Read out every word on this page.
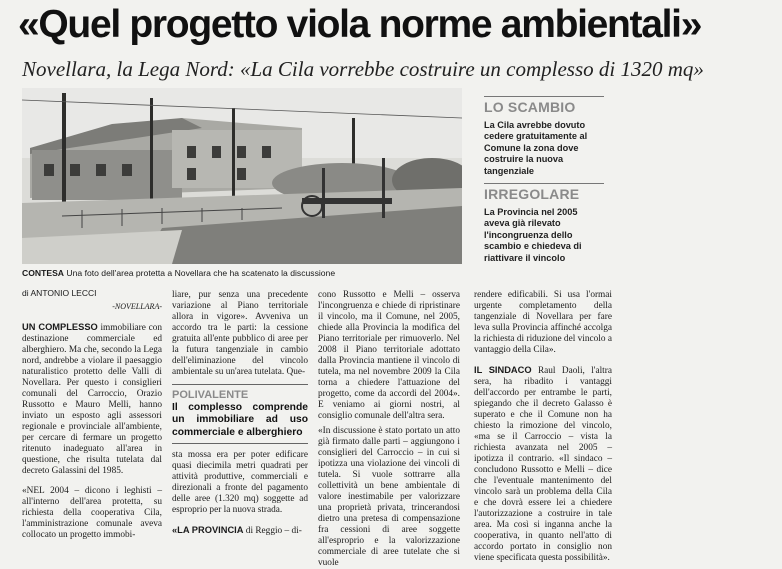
«Quel progetto viola norme ambientali»
Novellara, la Lega Nord: «La Cila vorrebbe costruire un complesso di 1320 mq»
CONTESA Una foto dell'area protetta a Novellara che ha scatenato la discussione
LO SCAMBIO
La Cila avrebbe dovuto cedere gratuitamente al Comune la zona dove costruire la nuova tangenziale
IRREGOLARE
La Provincia nel 2005 aveva già rilevato l'incongruenza dello scambio e chiedeva di riattivare il vincolo
di ANTONIO LECCI
-NOVELLARA-

UN COMPLESSO immobiliare con destinazione commerciale ed alberghiero. Ma che, secondo la Lega nord, andrebbe a violare il paesaggio naturalistico protetto delle Valli di Novellara. Per questo i consiglieri comunali del Carroccio, Orazio Russotto e Mauro Melli, hanno inviato un esposto agli assessori regionale e provinciale all'ambiente, per cercare di fermare un progetto ritenuto inadeguato all'area in questione, che risulta tutelata dal decreto Galassini del 1985.

«NEL 2004 – dicono i leghisti – all'interno dell'area protetta, su richiesta della cooperativa Cila, l'amministrazione comunale aveva collocato un progetto immobi-

liare, pur senza una precedente variazione al Piano territoriale allora in vigore». Avveniva un accordo tra le parti: la cessione gratuita all'ente pubblico di aree per la futura tangenziale in cambio dell'eliminazione del vincolo ambientale su un'area tutelata. Que-

POLIVALENTE
Il complesso comprende un immobiliare ad uso commerciale e alberghiero

sta mossa era per poter edificare quasi diecimila metri quadrati per attività produttive, commerciali e direzionali a fronte del pagamento delle aree (1.320 mq) soggette ad esproprio per la nuova strada.

«LA PROVINCIA di Reggio – di-

cono Russotto e Melli – osserva l'incongruenza e chiede di ripristinare il vincolo, ma il Comune, nel 2005, chiede alla Provincia la modifica del Piano territoriale per rimuoverlo. Nel 2008 il Piano territoriale adottato dalla Provincia mantiene il vincolo di tutela, ma nel novembre 2009 la Cila torna a chiedere l'attuazione del progetto, come da accordi del 2004». E veniamo ai giorni nostri, al consiglio comunale dell'altra sera.

«In discussione è stato portato un atto già firmato dalle parti – aggiungono i consiglieri del Carroccio – in cui si ipotizza una violazione dei vincoli di tutela. Si vuole sottrarre alla collettività un bene ambientale di valore inestimabile per valorizzare una proprietà privata, trincerandosi dietro una pretesa di compensazione fra cessioni di aree soggette all'esproprio e la valorizzazione commerciale di aree tutelate che si vuole

rendere edificabili. Si usa l'ormai urgente completamento della tangenziale di Novellara per fare leva sulla Provincia affinché accolga la richiesta di riduzione del vincolo a vantaggio della Cila».

IL SINDACO Raul Daoli, l'altra sera, ha ribadito i vantaggi dell'accordo per entrambe le parti, spiegando che il decreto Galasso è superato e che il Comune non ha chiesto la rimozione del vincolo, «ma se il Carroccio – vista la richiesta avanzata nel 2005 – ipotizza il contrario. «Il sindaco – concludono Russotto e Melli – dice che l'eventuale mantenimento del vincolo sarà un problema della Cila e che dovrà essere lei a chiedere l'autorizzazione a costruire in tale area. Ma così si inganna anche la cooperativa, in quanto nell'atto di accordo portato in consiglio non viene specificata questa possibilità».
